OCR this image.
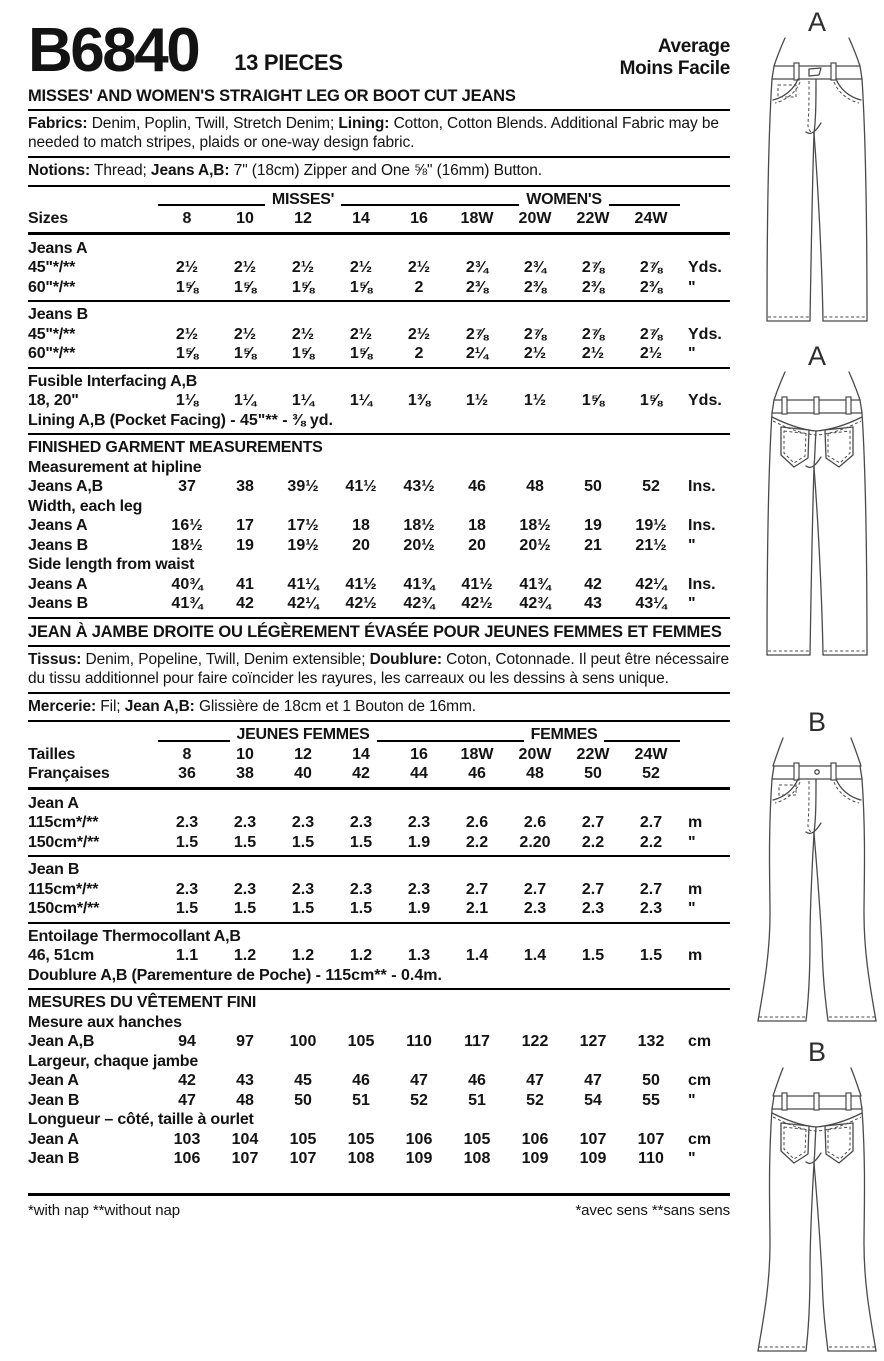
B6840 13 PIECES
Average
Moins Facile
MISSES' AND WOMEN'S STRAIGHT LEG OR BOOT CUT JEANS

Fabrics: Denim, Poplin, Twill, Stretch Denim; Lining: Cotton, Cotton Blends. Additional Fabric may be needed to match stripes, plaids or one-way design fabric.

Notions: Thread; Jeans A,B: 7" (18cm) Zipper and One ⅝" (16mm) Button.

MISSES'	WOMEN'S
Sizes	8	10	12	14	16	18W	20W	22W	24W
Jeans A
45"*/**	2½	2½	2½	2½	2½	2¾	2¾	2⅞	2⅞	Yds.
60"*/**	1⅝	1⅝	1⅝	1⅝	2	2⅜	2⅜	2⅜	2⅜	"
Jeans B
45"*/**	2½	2½	2½	2½	2½	2⅞	2⅞	2⅞	2⅞	Yds.
60"*/**	1⅝	1⅝	1⅝	1⅝	2	2¼	2½	2½	2½	"
Fusible Interfacing A,B
18, 20"	1⅛	1¼	1¼	1¼	1⅜	1½	1½	1⅝	1⅝	Yds.
Lining A,B (Pocket Facing) - 45"** - ⅜ yd.
FINISHED GARMENT MEASUREMENTS
Measurement at hipline
Jeans A,B	37	38	39½	41½	43½	46	48	50	52	Ins.
Width, each leg
Jeans A	16½	17	17½	18	18½	18	18½	19	19½	Ins.
Jeans B	18½	19	19½	20	20½	20	20½	21	21½	"
Side length from waist
Jeans A	40¾	41	41¼	41½	41¾	41½	41¾	42	42¼	Ins.
Jeans B	41¾	42	42¼	42½	42¾	42½	42¾	43	43¼	"
JEAN À JAMBE DROITE OU LÉGÈREMENT ÉVASÉE POUR JEUNES FEMMES ET FEMMES

Tissus: Denim, Popeline, Twill, Denim extensible; Doublure: Coton, Cotonnade. Il peut être nécessaire du tissu additionnel pour faire coïncider les rayures, les carreaux ou les dessins à sens unique.

Mercerie: Fil; Jean A,B: Glissière de 18cm et 1 Bouton de 16mm.

JEUNES FEMMES	FEMMES
Tailles	8	10	12	14	16	18W	20W	22W	24W
Françaises	36	38	40	42	44	46	48	50	52
Jean A
115cm*/**	2.3	2.3	2.3	2.3	2.3	2.6	2.6	2.7	2.7	m
150cm*/**	1.5	1.5	1.5	1.5	1.9	2.2	2.20	2.2	2.2	"
Jean B
115cm*/**	2.3	2.3	2.3	2.3	2.3	2.7	2.7	2.7	2.7	m
150cm*/**	1.5	1.5	1.5	1.5	1.9	2.1	2.3	2.3	2.3	"
Entoilage Thermocollant A,B
46, 51cm	1.1	1.2	1.2	1.2	1.3	1.4	1.4	1.5	1.5	m
Doublure A,B (Parementure de Poche) - 115cm** - 0.4m.
MESURES DU VÊTEMENT FINI
Mesure aux hanches
Jean A,B	94	97	100	105	110	117	122	127	132	cm
Largeur, chaque jambe
Jean A	42	43	45	46	47	46	47	47	50	cm
Jean B	47	48	50	51	52	51	52	54	55	"
Longueur – côté, taille à ourlet
Jean A	103	104	105	105	106	105	106	107	107	cm
Jean B	106	107	107	108	109	108	109	109	110	"
*with nap **without nap	*avec sens **sans sens
A
A
B
B
